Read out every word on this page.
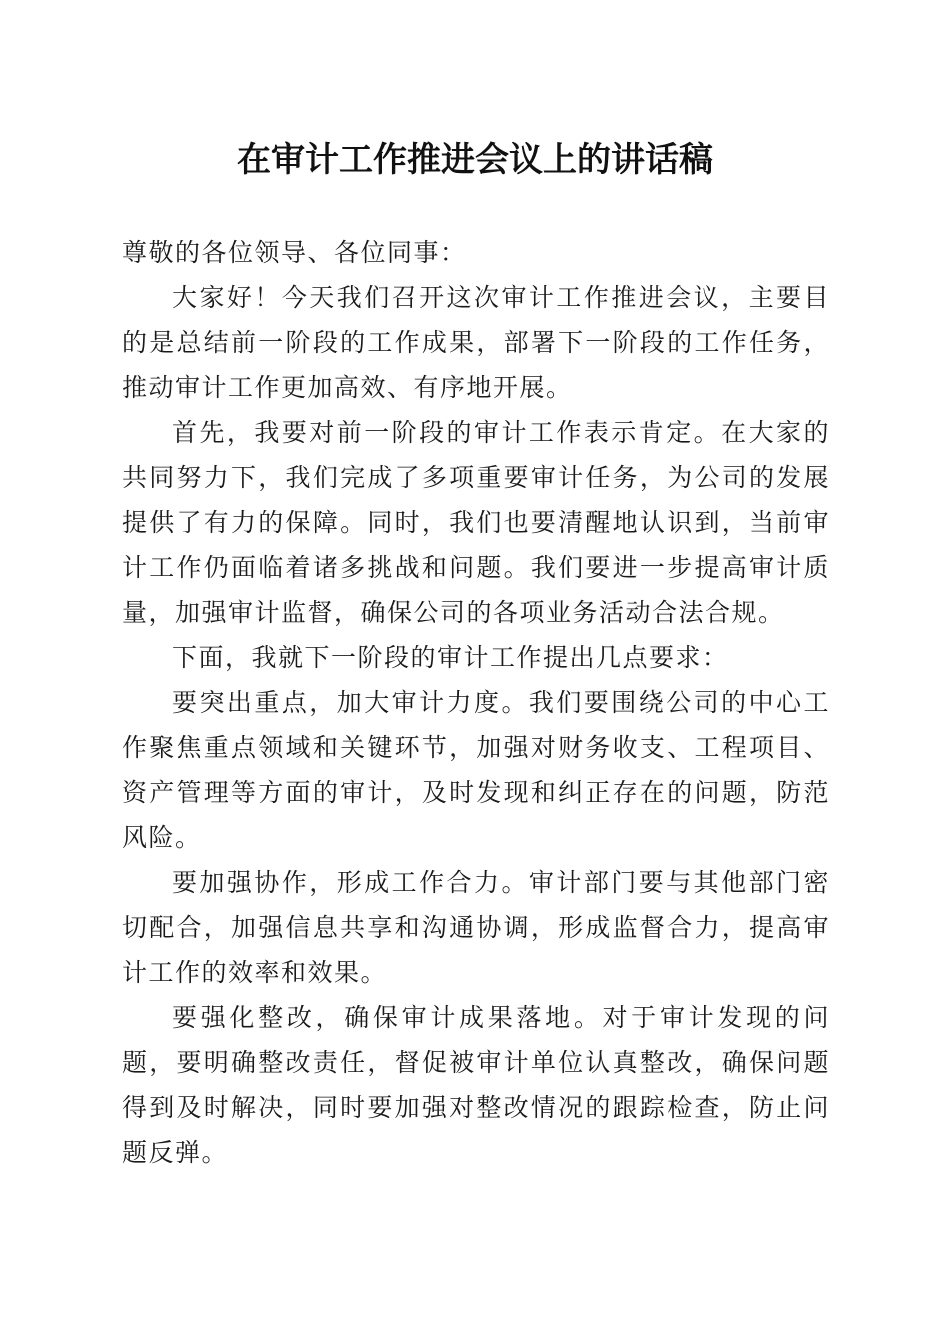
在审计工作推进会议上的讲话稿

尊敬的各位领导、各位同事：

大家好！今天我们召开这次审计工作推进会议，主要目的是总结前一阶段的工作成果，部署下一阶段的工作任务，推动审计工作更加高效、有序地开展。

首先，我要对前一阶段的审计工作表示肯定。在大家的共同努力下，我们完成了多项重要审计任务，为公司的发展提供了有力的保障。同时，我们也要清醒地认识到，当前审计工作仍面临着诸多挑战和问题。我们要进一步提高审计质量，加强审计监督，确保公司的各项业务活动合法合规。

下面，我就下一阶段的审计工作提出几点要求：

要突出重点，加大审计力度。我们要围绕公司的中心工作聚焦重点领域和关键环节，加强对财务收支、工程项目、资产管理等方面的审计，及时发现和纠正存在的问题，防范风险。

要加强协作，形成工作合力。审计部门要与其他部门密切配合，加强信息共享和沟通协调，形成监督合力，提高审计工作的效率和效果。

要强化整改，确保审计成果落地。对于审计发现的问题，要明确整改责任，督促被审计单位认真整改，确保问题得到及时解决，同时要加强对整改情况的跟踪检查，防止问题反弹。
